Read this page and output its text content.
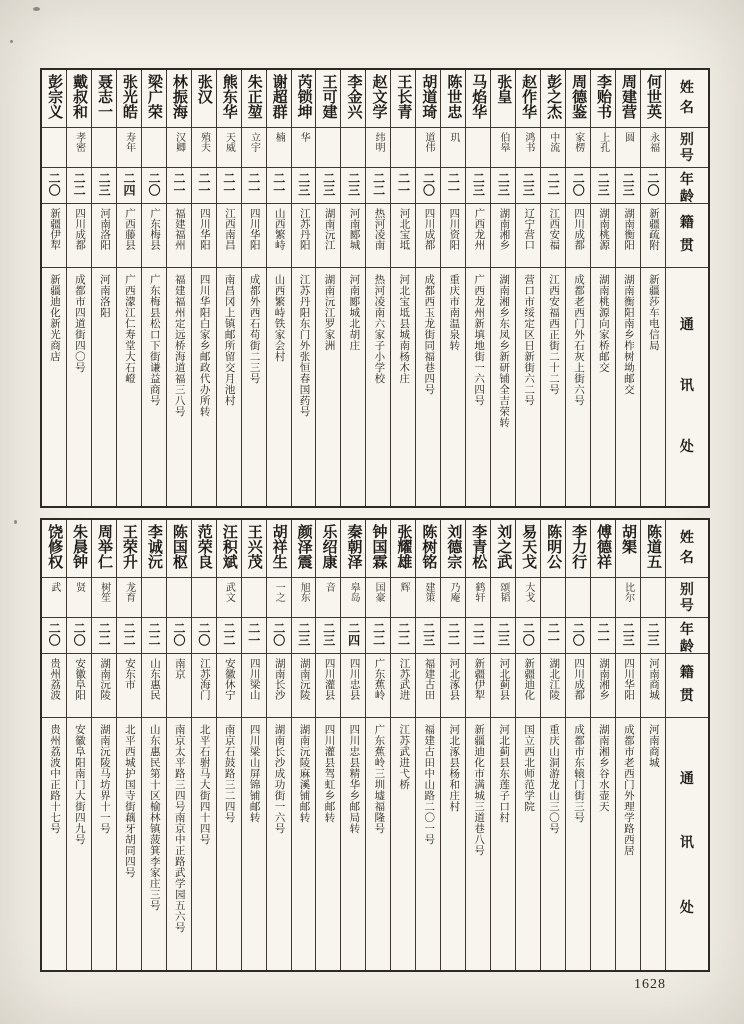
彭宗义
二〇
新疆伊犁
新疆迪化新光商店
戴叔和
孝密
二二
四川成都
成都市四道街四〇号
聂志一
二三
河南洛阳
河南洛阳
张光皓
寿年
二四
广西藤县
广西濛江仁寿堂大石嶝
梁广荣
二〇
广东梅县
广东梅县松口下街谦益商号
林振海
汉卿
二一
福建福州
福建福州定远桥海道福三八号
张汉
殖夫
二一
四川华阳
四川华阳白家乡邮政代办所转
熊东华
天威
二一
江西南昌
南昌冈上镇邮所留交月池村
朱正堃
立宇
二一
四川华阳
成都外西石苟街二三号
谢超群
楠
二一
山西繁峙
山西繁峙铁家会村
芮锁坤
华
二三
江苏丹阳
江苏丹阳东门外张恒春国药号
王可建
二三
湖南沅江
湖南沅江罗家洲
李金兴
二三
河南郾城
河南郾城北胡庄
赵文学
纬明
二二
热河凌南
热河凌南六家子小学校
王长青
二一
河北宝坻
河北宝坻县城南杨木庄
胡道琦
道伟
二〇
四川成都
成都西玉龙街同福巷四号
陈世忠
玑
二一
四川资阳
重庆市南温泉转
马焰华
二三
广西龙州
广西龙州新填地街一六四号
张皇
伯皋
二三
湖南湘乡
湖南湘乡东凤乡新研铺全吉荣转
赵作华
鸿书
二三
辽宁营口
营口市绥定区日新街六二号
彭之杰
中流
二二
江西安福
江西安福西正街二十二号
周德鉴
家楞
二〇
四川成都
成都老西门外石灰上街六号
李贻书
上孔
二三
湖南桃源
湖南桃源向家桥邮交
周建营
圆
二三
湖南衡阳
湖南衡阳南乡柞树坳邮交
何世英
永福
二〇
新疆疏附
新疆莎车电信局
姓
名
别
号
年
龄
籍
贯
通
讯
处
饶修权
武
二〇
贵州荔波
贵州荔波中正路十七号
朱晨钟
贤
二〇
安徽阜阳
安徽阜阳南门大街四九号
周举仁
树笙
二二
湖南沅陵
湖南沅陵马坊界十一号
王荣升
龙育
二二
安东市
北平西城护国寺街藕牙胡同四号
李诚沅
二二
山东惠民
山东惠民第十区榆林镇菠箕李家庄三号
陈国枢
二〇
南京
南京太平路三四号南京中正路武学园五六号
范荣良
二〇
江苏海门
北平石驸马大街四十四号
汪积斌
武文
二二
安徽休宁
南京石鼓路三二四号
王兴茂
二一
四川梁山
四川梁山屏锦铺邮转
胡祥生
一之
二〇
湖南长沙
湖南长沙成功街一六号
颜泽震
旭东
二三
湖南沅陵
湖南沅陵麻溪铺邮转
乐绍康
音
二三
四川灌县
四川灌县驾虹乡邮转
秦朝泽
皋岛
二四
四川忠县
四川忠县精华乡邮局转
钟国霖
国豪
二二
广东蕉岭
广东蕉岭三圳墟福隆号
张耀雄
辉
二二
江苏武进
江苏武进弋桥
陈树铭
建策
二三
福建古田
福建古田中山路二〇一号
刘德宗
乃庵
二二
河北涿县
河北涿县杨和庄村
李青松
鹤轩
二二
新疆伊犁
新疆迪化市满城三道巷八号
刘之武
颂韬
二三
河北蓟县
河北蓟县东莲子口村
易天戈
大戈
二〇
新疆迪化
国立西北师范学院
陈明公
二一
湖北江陵
重庆山洞游龙山三〇号
李力行
二〇
四川成都
成都市东辕门街三号
傅德祥
二一
湖南湘乡
湖南湘乡谷水壶天
胡榘
比尔
二三
四川华阳
成都市老西门外理学路西居
陈道五
二三
河南商城
河南商城
姓
名
别
号
年
龄
籍
贯
通
讯
处
1628
